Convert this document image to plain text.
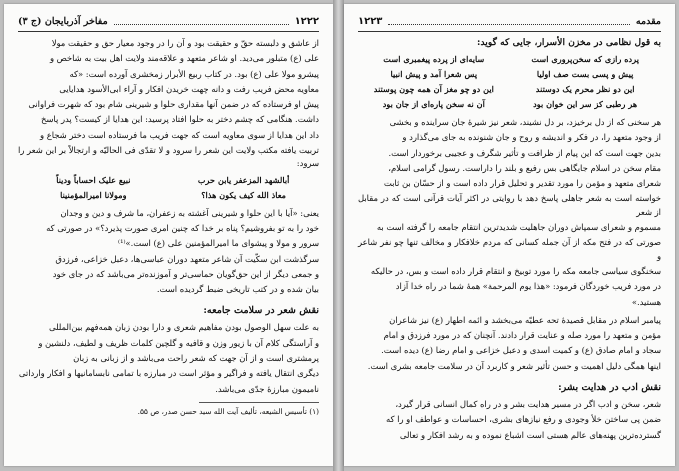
۱۲۲۲
مفاخر آذربایجان (ج ۳)
از عاشق و دلبسته حقّ و حقیقت بود و آن را در وجود معیار حق و حقیقت مولا
علی (ع) متبلور می‌دید. او شاعر متعهد و علاقه‌مند ولایت اهل بیت به شاخص و
پیشرو مولا علی (ع) بود. در کتاب ربیع الأبرار زمخشری آورده است: «که
معاویه محض فریب رفت و دانه چهت خریدن افکار و آراء ابی‌الأسود هدایایی
پیش او فرستاده که در ضمن آنها مقداری حلوا و شیرینی شام بود که شهرت فراوانی
داشت. هنگامی که چشم دختر به حلوا افتاد پرسید: این هدایا از کیست؟ پدر پاسخ
داد این هدایا از سوی معاویه است که جهت فریب ما فرستاده است دختر شجاع و
تربیت یافته مکتب ولایت این شعر را سرود و لا تقدّی فی الحالیّه و ارتجالاً بر این شعر را سرود:
أبالشهد المزعفر یابن حرب
نبیع علیک احساباً ودیناً
معاذ الله کیف یکون هذا؟
ومولانا امیرالمؤمنینا
یعنی: «آیا با این حلوا و شیرینی آغشته به زعفران، ما شرف و دین و وجدان
خود را به تو بفروشیم؟ پناه بر خدا که چنین امری صورت پذیرد؟» در صورتی که
سرور و مولا و پیشوای ما امیرالمؤمنین علی (ع) است.»⁽¹⁾
سرگذشت ابن سکّیت آن شاعر متعهد دوران عباسی‌ها، دعبل خزاعی، فرزدق
و جمعی دیگر از این حق‌گویان حماسی‌تر و آموزنده‌تر می‌باشد که در جای خود
بیان شده و در کتب تاریخی ضبط گردیده است.
نقش شعر در سلامت جامعه:
به علت سهل الوصول بودن مفاهیم شعری و دارا بودن زبان همه‌فهم بین‌المللی
و آراستگی کلام آن با زیور وزن و قافیه و گلچین کلمات ظریف و لطیف، دلنشین و
پرمشتری است و از آن جهت که شعر راحت می‌باشد و از زبانی به زبان
دیگری انتقال یافته و فراگیر و مؤثر است در مبارزه با تمامی نابسامانیها و افکار وارداتی
نامیمون مبارزهٔ جدّی می‌باشد.
(۱) تأسیس الشیعه، تألیف آیت الله سید حسن صدر، ص ۵۵.
مقدمه
۱۲۲۳
به قول نظامی در مخزن الأسرار، جایی که گوید:
پرده رازی که سخن‌پروری است
سایه‌ای از پرده پیغمبری است
پیش و پسی بست صف اولیا
پس شعرا آمد و پیش انبیا
این دو نظر محرم یک دوستند
این دو چو مغز آن همه چون پوستند
هر رطبی کز سر این خوان بود
آن نه سخن پاره‌ای از جان بود
هر سخنی که از دل برخیزد، بر دل نشیند، شعر نیز شیرهٔ جان سراینده و بخشی
از وجود متعهد را، در فکر و اندیشه و روح و جان شنونده به جای می‌گذارد و
بدین جهت است که این پیام از ظرافت و تأثیر شگرف و عجیبی برخوردار است.
مقام سخن در اسلام جایگاهی بس رفیع و بلند را داراست. رسول گرامی اسلام،
شعرای متعهد و مؤمن را مورد تقدیر و تحلیل قرار داده است و از حسّان بن ثابت
خواسته است به شعر جاهلی پاسخ دهد با روایتی در اکثر آیات قرآنی است که در مقابل از شعر
مسموم و شعرای سمپاش دوران جاهلیت شدیدترین انتقام جامعه را گرفته است به
صورتی که در فتح مکه از آن جمله کسانی که مردم خلافکار و مخالف تنها چو نفر شاعر و
سخنگوی سیاسی جامعه مکه را مورد توبیخ و انتقام قرار داده است و بس، در حالیکه
در مورد فریب خوردگان فرمود: «هذا یوم المرحمة» همهٔ شما در راه خدا آزاد
هستید.»
پیامبر اسلام در مقابل قصیدهٔ تحه عطیّه می‌بخشد و ائمه اطهار (ع) نیز شاعران
مؤمن و متعهد را مورد صله و عنایت قرار دادند. آنچنان که در مورد فرزدق و امام
سجاد و امام صادق (ع) و کمیت اسدی و دعبل خزاعی و امام رضا (ع) دیده است.
اینها همگی دلیل اهمیت و حسن تأثیر شعر و کاربرد آن در سلامت جامعه بشری است.
نقش ادب در هدایت بشر:
شعر، سخن و ادب اگر در مسیر هدایت بشر و در راه کمال انسانی قرار گیرد،
ضمن پی ساختن خلأ وجودی و رفع نیازهای بشری، احساسات و عواطف او را که
گسترده‌ترین پهنه‌های عالم هستی است اشباع نموده و به رشد افکار و تعالی
